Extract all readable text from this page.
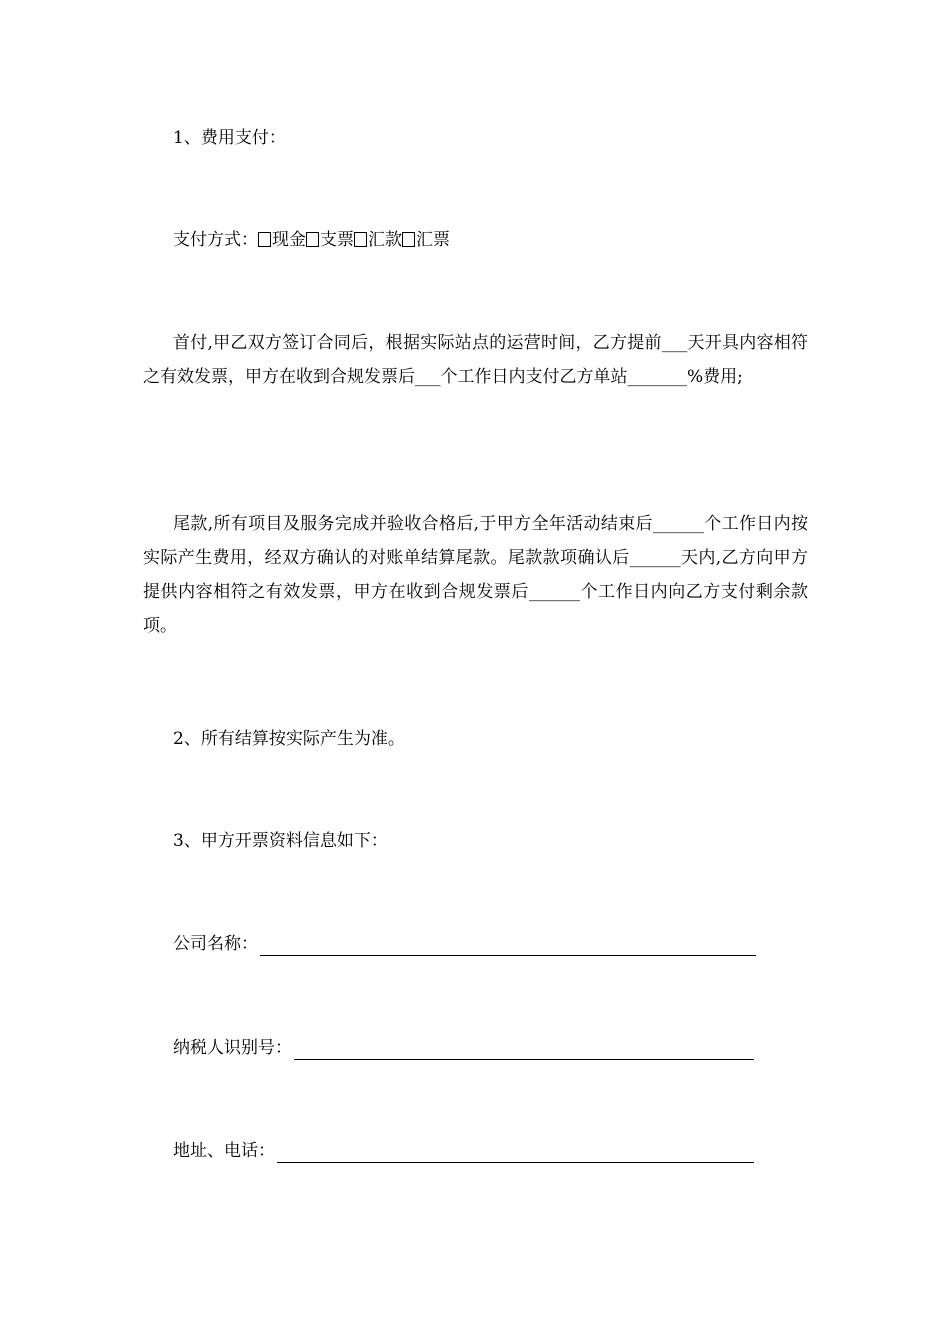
1、费用支付：

支付方式： 现金 支票 汇款 汇票

首付,甲乙双方签订合同后，根据实际站点的运营时间，乙方提前___天开具内容相符之有效发票，甲方在收到合规发票后___个工作日内支付乙方单站_______%费用;

尾款,所有项目及服务完成并验收合格后,于甲方全年活动结束后______个工作日内按实际产生费用，经双方确认的对账单结算尾款。尾款款项确认后______天内,乙方向甲方提供内容相符之有效发票，甲方在收到合规发票后______个工作日内向乙方支付剩余款项。

2、所有结算按实际产生为准。

3、甲方开票资料信息如下：

公司名称：
纳税人识别号：
地址、电话：
